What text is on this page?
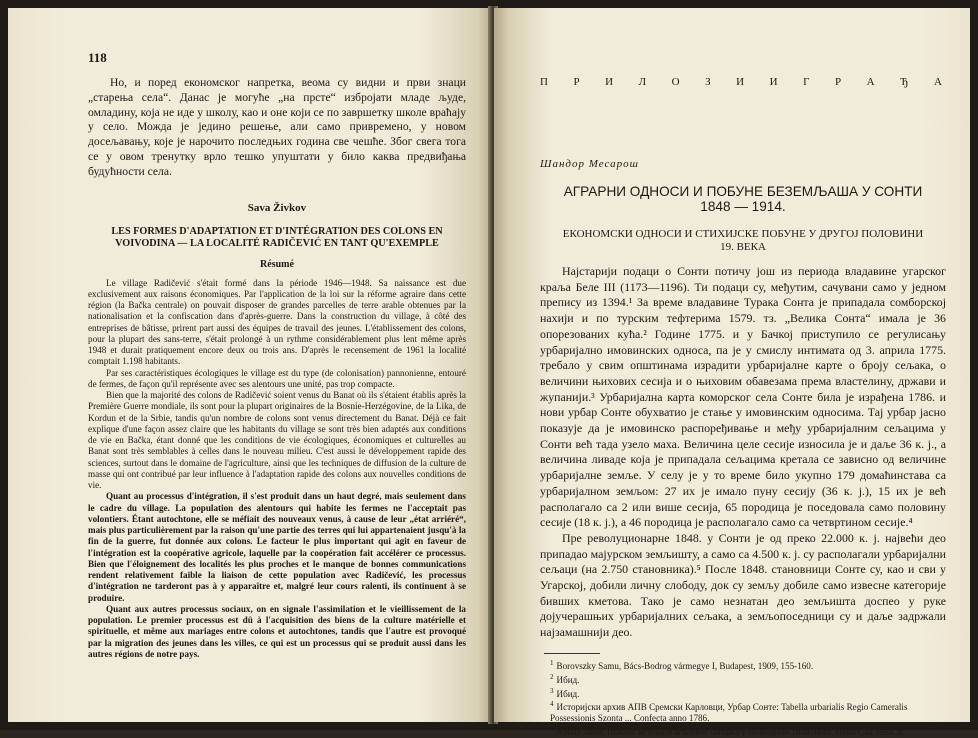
118

Но, и поред економског напретка, веома су видни и први знаци „старења села“. Данас је могуће „на прсте“ избројати младе људе, омладину, која не иде у школу, као и оне који се по завршетку школе враћају у село. Можда је једино решење, али само привремено, у новом досељавању, које је нарочито последњих година све чешће. Због свега тога се у овом тренутку врло тешко упуштати у било каква предвиђања будућности села.

Sava Živkov
LES FORMES D'ADAPTATION ET D'INTÉGRATION DES COLONS EN VOIVODINA — LA LOCALITÉ RADIČEVIĆ EN TANT QU'EXEMPLE
Résumé

Le village Radičević s'était formé dans la période 1946—1948. Sa naissance est due exclusivement aux raisons économiques. Par l'application de la loi sur la réforme agraire dans cette région (la Bačka centrale) on pouvait disposer de grandes parcelles de terre arable obtenues par la nationalisation et la confiscation dans d'après-guerre. Dans la construction du village, à côté des entreprises de bâtisse, prirent part aussi des équipes de travail des jeunes. L'établissement des colons, pour la plupart des sans-terre, s'était prolongé à un rythme considérablement plus lent même après 1948 et durait pratiquement encore deux ou trois ans. D'après le recensement de 1961 la localité comptait 1.198 habitants.

Par ses caractéristiques écologiques le village est du type (de colonisation) pannonienne, entouré de fermes, de façon qu'il représente avec ses alentours une unité, pas trop compacte.

Bien que la majorité des colons de Radičević soient venus du Banat où ils s'étaient établis après la Première Guerre mondiale, ils sont pour la plupart originaires de la Bosnie-Herzégovine, de la Lika, de Kordun et de la Srbie, tandis qu'un nombre de colons sont venus directement du Banat. Déjà ce fait explique d'une façon assez claire que les habitants du village se sont très bien adaptés aux conditions de vie en Bačka, étant donné que les conditions de vie écologiques, économiques et culturelles au Banat sont très semblables à celles dans le nouveau milieu. C'est aussi le développement rapide des sciences, surtout dans le domaine de l'agriculture, ainsi que les techniques de diffusion de la culture de masse qui ont contribué par leur influence à l'adaptation rapide des colons aux nouvelles conditions de vie.

Quant au processus d'intégration, il s'est produit dans un haut degré, mais seulement dans le cadre du village. La population des alentours qui habite les fermes ne l'acceptait pas volontiers. Étant autochtone, elle se méfiait des nouveaux venus, à cause de leur „état arriéré“, mais plus particulièrement par la raison qu'une partie des terres qui lui appartenaient jusqu'à la fin de la guerre, fut donnée aux colons. Le facteur le plus important qui agit en faveur de l'intégration est la coopérative agricole, laquelle par la coopération fait accélérer ce processus. Bien que l'éloignement des localités les plus proches et le manque de bonnes communications rendent relativement faible la liaison de cette population avec Radičević, les processus d'intégration ne tarderont pas à y apparaître et, malgré leur cours ralenti, ils continuent à se produire.

Quant aux autres processus sociaux, on en signale l'assimilation et le vieillissement de la population. Le premier processus est dû à l'acquisition des biens de la culture matérielle et spirituelle, et même aux mariages entre colons et autochtones, tandis que l'autre est provoqué par la migration des jeunes dans les villes, ce qui est un processus qui se produit aussi dans les autres régions de notre pays.

П Р И Л О З И И Г Р А Ђ А
Шандор Месарош
АГРАРНИ ОДНОСИ И ПОБУНЕ БЕЗЕМЉАША У СОНТИ
1848 — 1914.
ЕКОНОМСКИ ОДНОСИ И СТИХИЈСКЕ ПОБУНЕ У ДРУГОЈ ПОЛОВИНИ
19. ВЕКА

Најстарији подаци о Сонти потичу још из периода владавине угарског краља Беле III (1173—1196). Ти подаци су, међутим, сачувани само у једном препису из 1394.¹ За време владавине Турака Сонта је припадала сомборској нахији и по турским тефтерима 1579. тз. „Велика Сонта“ имала је 36 опорезованих кућа.² Године 1775. и у Бачкој приступило се регулисању урбаријално имовинских односа, па је у смислу интимата од 3. априла 1775. требало у свим општинама израдити урбаријалне карте о броју сељака, о величини њихових сесија и о њиховим обавезама према властелину, држави и жупанији.³ Урбаријална карта коморског села Сонте била је израђена 1786. и нови урбар Сонте обухватио је стање у имовинским односима. Тај урбар јасно показује да је имовинско распоређивање и међу урбаријалним сељацима у Сонти већ тада узело маха. Величина целе сесије износила је и даље 36 к. ј., а величина ливаде која је припадала сељацима кретала се зависно од величине урбаријалне земље. У селу је у то време било укупно 179 домаћинстава са урбаријалном земљом: 27 их је имало пуну сесију (36 к. ј.), 15 их је већ располагало са 2 или више сесија, 65 породица је поседовала само половину сесије (18 к. ј.), а 46 породица је располагало само са четвртином сесије.⁴

Пре револуционарне 1848. у Сонти је од преко 22.000 к. ј. највећи део припадао мајурском земљишту, а само са 4.500 к. ј. су располагали урбаријални сељаци (на 2.750 становника).⁵ После 1848. становници Сонте су, као и сви у Угарској, добили личну слободу, док су земљу добиле само извесне категорије бивших кметова. Тако је само незнатан део земљишта доспео у руке дојучерашњих урбаријалних сељака, а земљопоседници су и даље задржали најзамашнији део.

$^1$ Borovszky Samu, Bács-Bodrog vármegye I, Budapest, 1909, 155-160.

$^2$ Ибид.

$^3$ Ибид.

$^4$ Историјски архив АПВ Сремски Карловци, Урбар Сонте: Tabella urbarialis Regio Cameralis Possessionis Szonta ... Confecta anno 1786.

$^5$ Арпад Лебл, Прилог историји аграрног питања у Војводини 1848-1849, Нови Сад 1954, 8.
